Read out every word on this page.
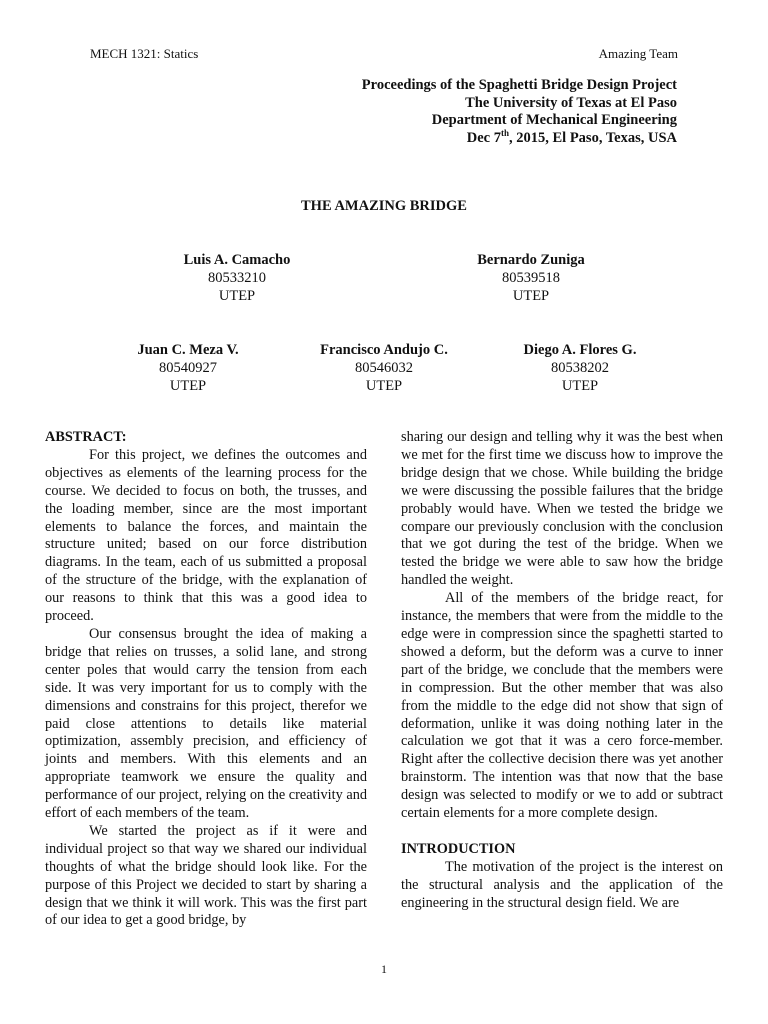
MECH 1321: Statics	Amazing Team
Proceedings of the Spaghetti Bridge Design Project
The University of Texas at El Paso
Department of Mechanical Engineering
Dec 7th, 2015, El Paso, Texas, USA
THE AMAZING BRIDGE
Luis A. Camacho
80533210
UTEP
Bernardo Zuniga
80539518
UTEP
Juan C. Meza V.
80540927
UTEP
Francisco Andujo C.
80546032
UTEP
Diego A. Flores G.
80538202
UTEP
ABSTRACT:

For this project, we defines the outcomes and objectives as elements of the learning process for the course. We decided to focus on both, the trusses, and the loading member, since are the most important elements to balance the forces, and maintain the structure united; based on our force distribution diagrams. In the team, each of us submitted a proposal of the structure of the bridge, with the explanation of our reasons to think that this was a good idea to proceed.

Our consensus brought the idea of making a bridge that relies on trusses, a solid lane, and strong center poles that would carry the tension from each side. It was very important for us to comply with the dimensions and constrains for this project, therefor we paid close attentions to details like material optimization, assembly precision, and efficiency of joints and members. With this elements and an appropriate teamwork we ensure the quality and performance of our project, relying on the creativity and effort of each members of the team.

We started the project as if it were and individual project so that way we shared our individual thoughts of what the bridge should look like. For the purpose of this Project we decided to start by sharing a design that we think it will work. This was the first part of our idea to get a good bridge, by

sharing our design and telling why it was the best when we met for the first time we discuss how to improve the bridge design that we chose. While building the bridge we were discussing the possible failures that the bridge probably would have. When we tested the bridge we compare our previously conclusion with the conclusion that we got during the test of the bridge. When we tested the bridge we were able to saw how the bridge handled the weight.

All of the members of the bridge react, for instance, the members that were from the middle to the edge were in compression since the spaghetti started to showed a deform, but the deform was a curve to inner part of the bridge, we conclude that the members were in compression. But the other member that was also from the middle to the edge did not show that sign of deformation, unlike it was doing nothing later in the calculation we got that it was a cero force-member. Right after the collective decision there was yet another brainstorm. The intention was that now that the base design was selected to modify or we to add or subtract certain elements for a more complete design.

INTRODUCTION

The motivation of the project is the interest on the structural analysis and the application of the engineering in the structural design field. We are

1
